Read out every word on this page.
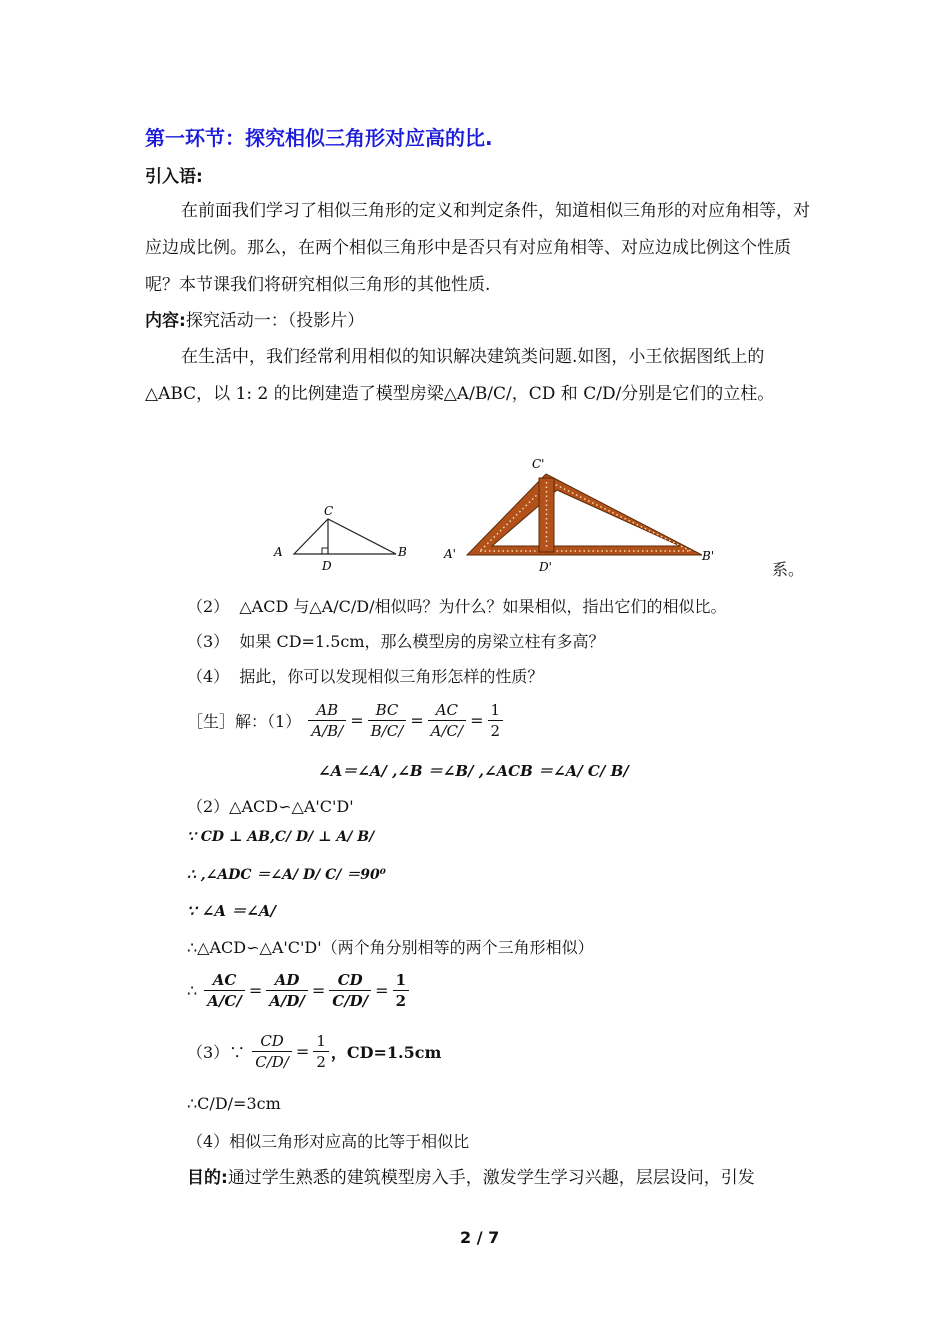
第一环节：探究相似三角形对应高的比.
引入语:
在前面我们学习了相似三角形的定义和判定条件，知道相似三角形的对应角相等，对应边成比例。那么，在两个相似三角形中是否只有对应角相等、对应边成比例这个性质呢？本节课我们将研究相似三角形的其他性质.
内容:探究活动一：（投影片）
在生活中，我们经常利用相似的知识解决建筑类问题.如图，小王依据图纸上的△ABC，以 1: 2 的比例建造了模型房梁△A/B/C/，CD 和 C/D/分别是它们的立柱。
A	B
C
D
A'	B'
C'
D'	系。
（2） △ACD 与△A/C/D/相似吗？为什么？如果相似，指出它们的相似比。
（3） 如果 CD=1.5cm，那么模型房的房梁立柱有多高？
（4） 据此，你可以发现相似三角形怎样的性质？
［生］解：$(1) \frac{AB}{A/B/} = \frac{BC}{B/C/} = \frac{AC}{A/C/} = \frac{1}{2}$
∠A＝∠A/ ,∠B ＝∠B/ ,∠ACB ＝∠A/ C/ B/
（2）△ACD∽△A'C'D'
∵ CD ⊥ AB,C/ D/ ⊥ A/ B/
∴ ,∠ADC ＝∠A/ D/ C/ ＝90⁰
∵ ∠A ＝∠A/
∴△ACD∽△A'C'D'（两个角分别相等的两个三角形相似）
∴ $\frac{AC}{A/C/} = \frac{AD}{A/D/} = \frac{CD}{C/D/} = \frac{1}{2}$
（3）∵ $\frac{CD}{C/D/} = \frac{1}{2}$ ，CD=1.5cm
∴C/D/=3cm
（4）相似三角形对应高的比等于相似比
目的:通过学生熟悉的建筑模型房入手，激发学生学习兴趣，层层设问，引发
2 / 7
